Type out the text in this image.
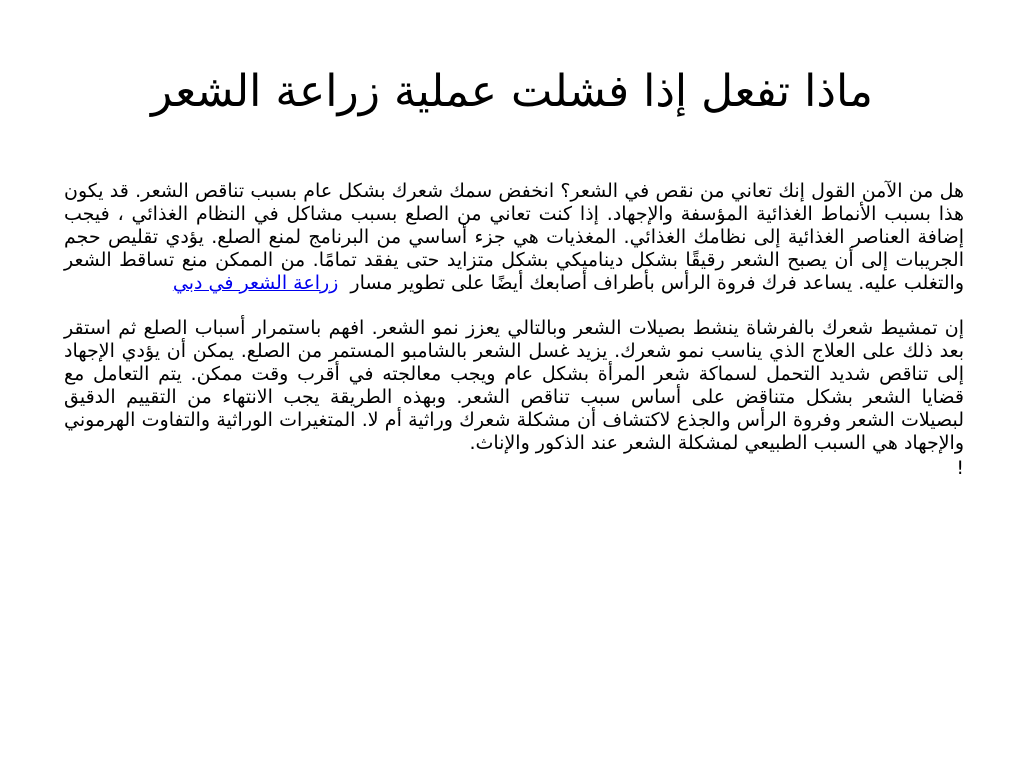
ماذا تفعل إذا فشلت عملية زراعة الشعر

هل من الآمن القول إنك تعاني من نقص في الشعر؟ انخفض سمك شعرك بشكل عام بسبب تناقص الشعر. قد يكون هذا بسبب الأنماط الغذائية المؤسفة والإجهاد. إذا كنت تعاني من الصلع بسبب مشاكل في النظام الغذائي ، فيجب إضافة العناصر الغذائية إلى نظامك الغذائي. المغذيات هي جزء أساسي من البرنامج لمنع الصلع. يؤدي تقليص حجم الجريبات إلى أن يصبح الشعر رقيقًا بشكل ديناميكي بشكل متزايد حتى يفقد تمامًا. من الممكن منع تساقط الشعر والتغلب عليه. يساعد فرك فروة الرأس بأطراف أصابعك أيضًا على تطوير مسار  زراعة الشعر في دبي

إن تمشيط شعرك بالفرشاة ينشط بصيلات الشعر وبالتالي يعزز نمو الشعر. افهم باستمرار أسباب الصلع ثم استقر بعد ذلك على العلاج الذي يناسب نمو شعرك. يزيد غسل الشعر بالشامبو المستمر من الصلع. يمكن أن يؤدي الإجهاد إلى تناقص شديد التحمل لسماكة شعر المرأة بشكل عام ويجب معالجته في أقرب وقت ممكن. يتم التعامل مع قضايا الشعر بشكل متناقض على أساس سبب تناقص الشعر. وبهذه الطريقة يجب الانتهاء من التقييم الدقيق لبصيلات الشعر وفروة الرأس والجذع لاكتشاف أن مشكلة شعرك وراثية أم لا. المتغيرات الوراثية والتفاوت الهرموني والإجهاد هي السبب الطبيعي لمشكلة الشعر عند الذكور والإناث.

!
